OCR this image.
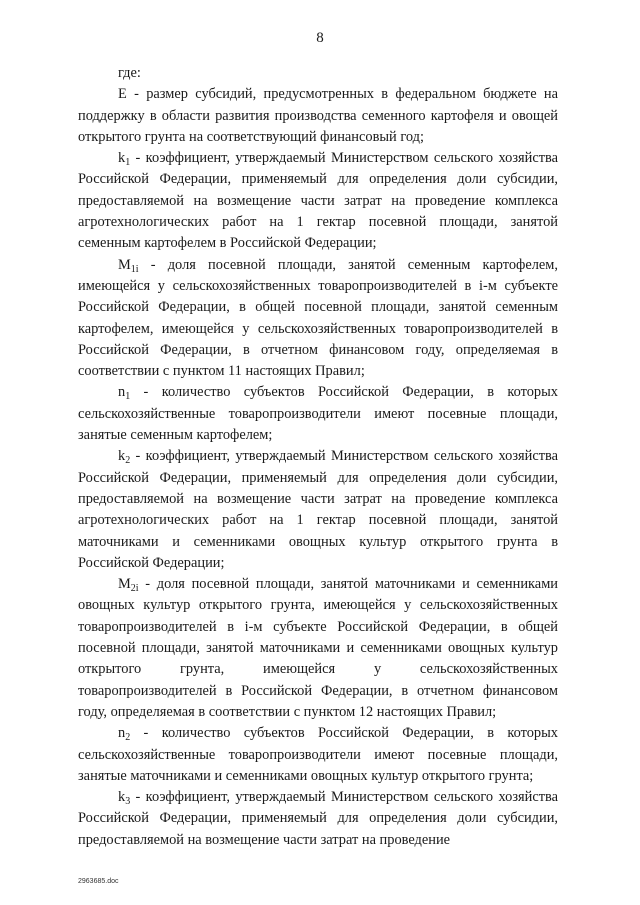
8

где:

E - размер субсидий, предусмотренных в федеральном бюджете на поддержку в области развития производства семенного картофеля и овощей открытого грунта на соответствующий финансовый год;

$k_1$ - коэффициент, утверждаемый Министерством сельского хозяйства Российской Федерации, применяемый для определения доли субсидии, предоставляемой на возмещение части затрат на проведение комплекса агротехнологических работ на 1 гектар посевной площади, занятой семенным картофелем в Российской Федерации;

$M_{1i}$ - доля посевной площади, занятой семенным картофелем, имеющейся у сельскохозяйственных товаропроизводителей в i-м субъекте Российской Федерации, в общей посевной площади, занятой семенным картофелем, имеющейся у сельскохозяйственных товаропроизводителей в Российской Федерации, в отчетном финансовом году, определяемая в соответствии с пунктом 11 настоящих Правил;

$n_1$ - количество субъектов Российской Федерации, в которых сельскохозяйственные товаропроизводители имеют посевные площади, занятые семенным картофелем;

$k_2$ - коэффициент, утверждаемый Министерством сельского хозяйства Российской Федерации, применяемый для определения доли субсидии, предоставляемой на возмещение части затрат на проведение комплекса агротехнологических работ на 1 гектар посевной площади, занятой маточниками и семенниками овощных культур открытого грунта в Российской Федерации;

$M_{2i}$ - доля посевной площади, занятой маточниками и семенниками овощных культур открытого грунта, имеющейся у сельскохозяйственных товаропроизводителей в i-м субъекте Российской Федерации, в общей посевной площади, занятой маточниками и семенниками овощных культур открытого грунта, имеющейся у сельскохозяйственных товаропроизводителей в Российской Федерации, в отчетном финансовом году, определяемая в соответствии с пунктом 12 настоящих Правил;

$n_2$ - количество субъектов Российской Федерации, в которых сельскохозяйственные товаропроизводители имеют посевные площади, занятые маточниками и семенниками овощных культур открытого грунта;

$k_3$ - коэффициент, утверждаемый Министерством сельского хозяйства Российской Федерации, применяемый для определения доли субсидии, предоставляемой на возмещение части затрат на проведение

2963685.doc
